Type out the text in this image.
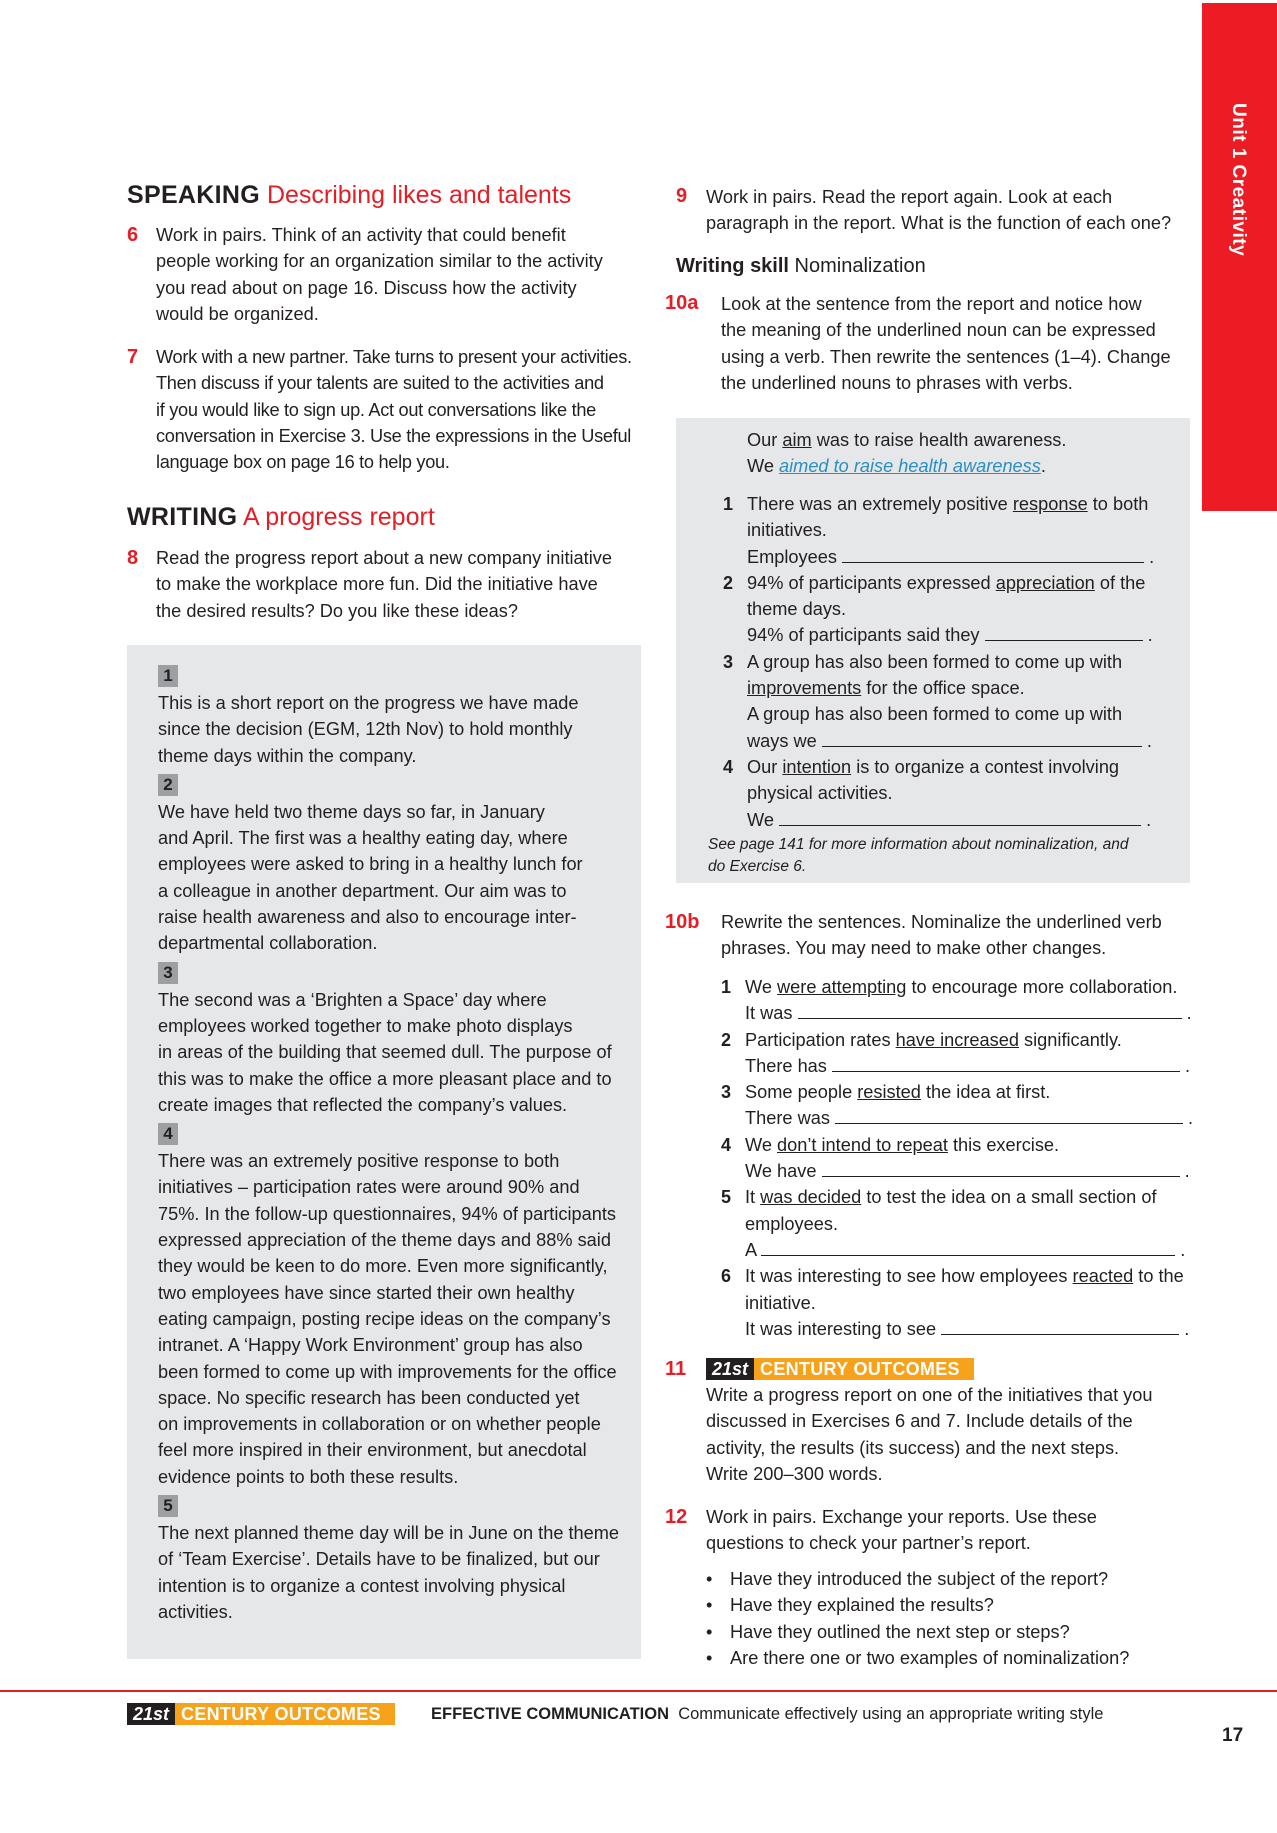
Unit 1 Creativity
SPEAKING Describing likes and talents
6 Work in pairs. Think of an activity that could benefit

people working for an organization similar to the activity

you read about on page 16. Discuss how the activity

would be organized.

7 Work with a new partner. Take turns to present your activities.

Then discuss if your talents are suited to the activities and

if you would like to sign up. Act out conversations like the

conversation in Exercise 3. Use the expressions in the Useful

language box on page 16 to help you.

WRITING A progress report
8 Read the progress report about a new company initiative

to make the workplace more fun. Did the initiative have

the desired results? Do you like these ideas?

1

This is a short report on the progress we have made

since the decision (EGM, 12th Nov) to hold monthly

theme days within the company.

2

We have held two theme days so far, in January

and April. The first was a healthy eating day, where

employees were asked to bring in a healthy lunch for

a colleague in another department. Our aim was to

raise health awareness and also to encourage inter-

departmental collaboration.

3

The second was a ‘Brighten a Space’ day where

employees worked together to make photo displays

in areas of the building that seemed dull. The purpose of

this was to make the office a more pleasant place and to

create images that reflected the company’s values.

4

There was an extremely positive response to both

initiatives – participation rates were around 90% and

75%. In the follow-up questionnaires, 94% of participants

expressed appreciation of the theme days and 88% said

they would be keen to do more. Even more significantly,

two employees have since started their own healthy

eating campaign, posting recipe ideas on the company’s

intranet. A ‘Happy Work Environment’ group has also

been formed to come up with improvements for the office

space. No specific research has been conducted yet

on improvements in collaboration or on whether people

feel more inspired in their environment, but anecdotal

evidence points to both these results.

5

The next planned theme day will be in June on the theme

of ‘Team Exercise’. Details have to be finalized, but our

intention is to organize a contest involving physical

activities.

9 Work in pairs. Read the report again. Look at each

paragraph in the report. What is the function of each one?

Writing skill Nominalization
10a Look at the sentence from the report and notice how

the meaning of the underlined noun can be expressed

using a verb. Then rewrite the sentences (1–4). Change

the underlined nouns to phrases with verbs.

Our aim was to raise health awareness.

We aimed to raise health awareness.

1 There was an extremely positive response to both

initiatives.

Employees	.

2 94% of participants expressed appreciation of the

theme days.

94% of participants said they	.

3 A group has also been formed to come up with

improvements for the office space.

A group has also been formed to come up with

ways we	.

4 Our intention is to organize a contest involving

physical activities.

We	.

See page 141 for more information about nominalization, and
do Exercise 6.
10b Rewrite the sentences. Nominalize the underlined verb

phrases. You may need to make other changes.

1 We were attempting to encourage more collaboration.

It was	.

2 Participation rates have increased significantly.

There has	.

3 Some people resisted the idea at first.

There was	.

4 We don’t intend to repeat this exercise.

We have	.

5 It was decided to test the idea on a small section of

employees.

A	.

6 It was interesting to see how employees reacted to the

initiative.

It was interesting to see	.

11	21st CENTURY OUTCOMES

Write a progress report on one of the initiatives that you

discussed in Exercises 6 and 7. Include details of the

activity, the results (its success) and the next steps.

Write 200–300 words.

12 Work in pairs. Exchange your reports. Use these

questions to check your partner’s report.

• Have they introduced the subject of the report?
• Have they explained the results?
• Have they outlined the next step or steps?
• Are there one or two examples of nominalization?
21st CENTURY OUTCOMES	EFFECTIVE COMMUNICATION Communicate effectively using an appropriate writing style
17
